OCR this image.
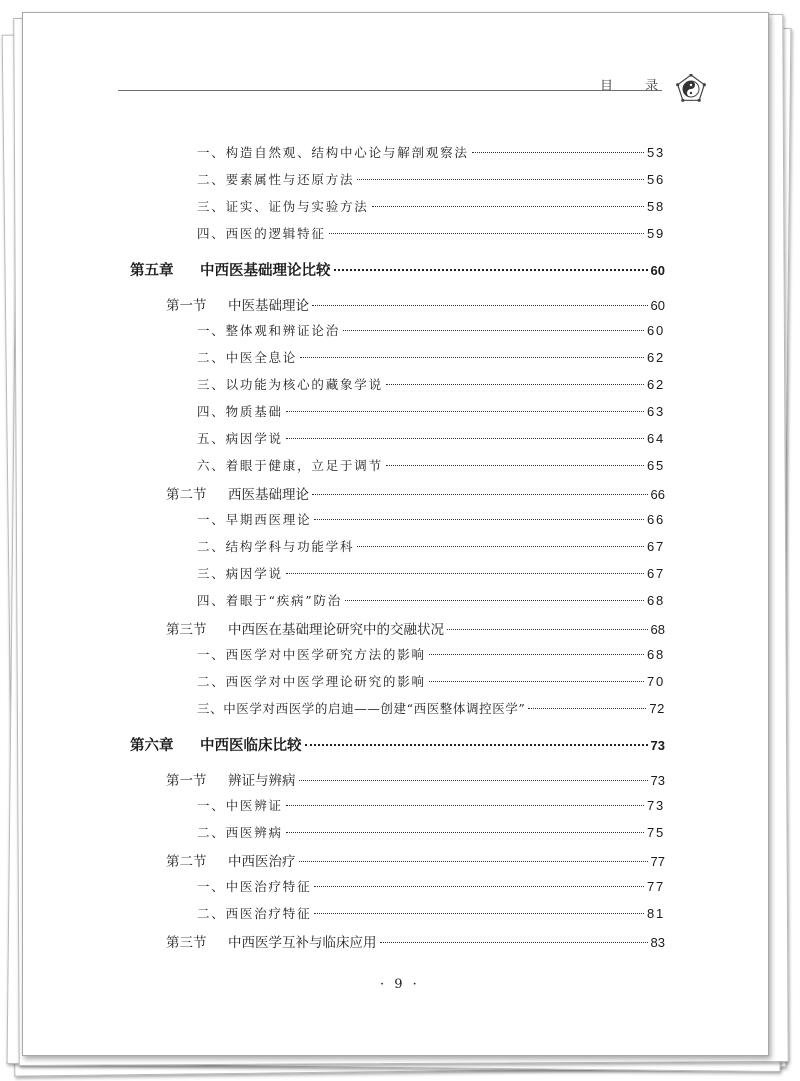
目 录
一、构造自然观、结构中心论与解剖观察法	53
二、要素属性与还原方法	56
三、证实、证伪与实验方法	58
四、西医的逻辑特征	59
第五章	中西医基础理论比较	60
第一节	中医基础理论	60
一、整体观和辨证论治	60
二、中医全息论	62
三、以功能为核心的藏象学说	62
四、物质基础	63
五、病因学说	64
六、着眼于健康，立足于调节	65
第二节	西医基础理论	66
一、早期西医理论	66
二、结构学科与功能学科	67
三、病因学说	67
四、着眼于“疾病”防治	68
第三节	中西医在基础理论研究中的交融状况	68
一、西医学对中医学研究方法的影响	68
二、西医学对中医学理论研究的影响	70
三、中医学对西医学的启迪——创建“西医整体调控医学”	72
第六章	中西医临床比较	73
第一节	辨证与辨病	73
一、中医辨证	73
二、西医辨病	75
第二节	中西医治疗	77
一、中医治疗特征	77
二、西医治疗特征	81
第三节	中西医学互补与临床应用	83
· 9 ·
